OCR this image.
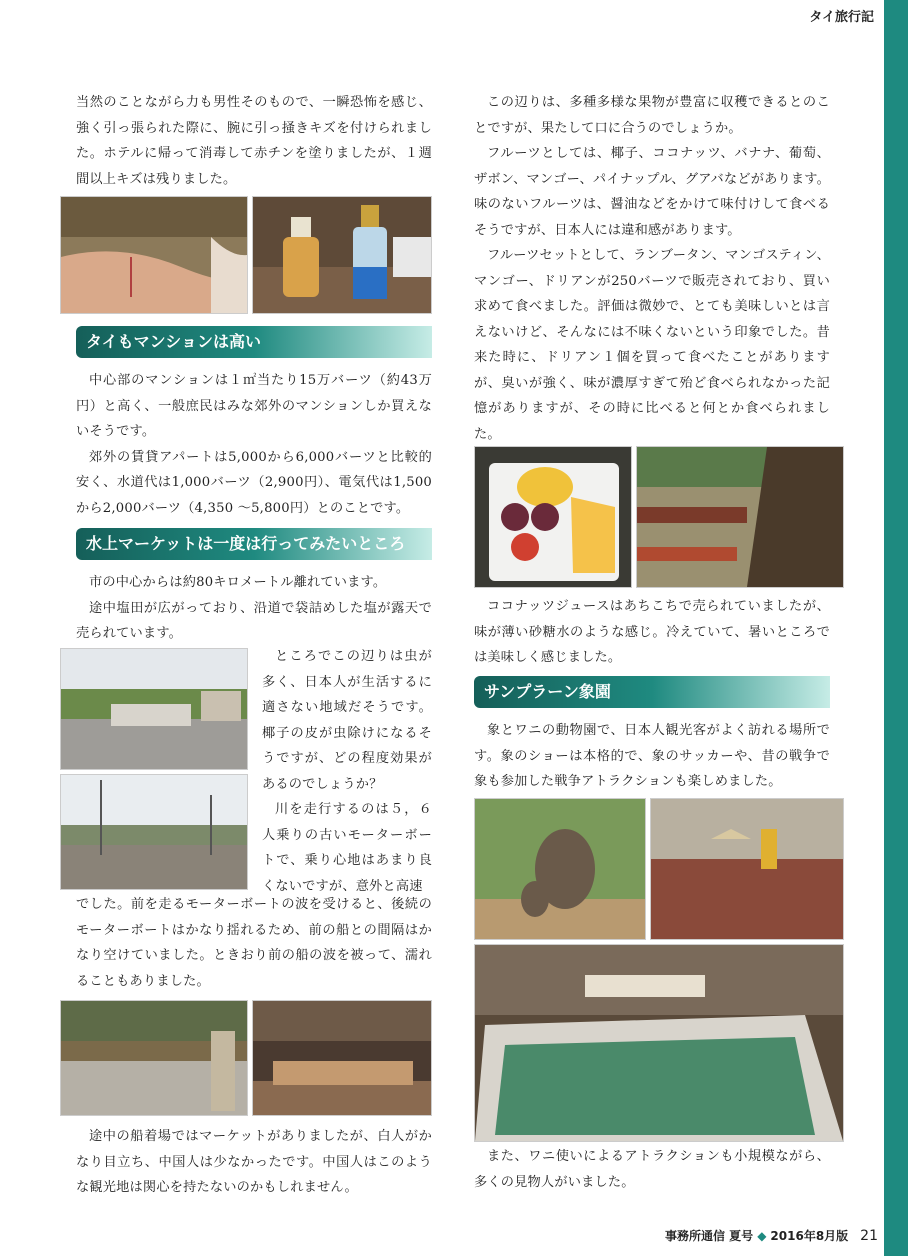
タイ旅行記

当然のことながら力も男性そのもので、一瞬恐怖を感じ、強く引っ張られた際に、腕に引っ掻きキズを付けられました。ホテルに帰って消毒して赤チンを塗りましたが、１週間以上キズは残りました。

タイもマンションは高い

中心部のマンションは１㎡当たり15万バーツ（約43万円）と高く、一般庶民はみな郊外のマンションしか買えないそうです。

郊外の賃貸アパートは5,000から6,000バーツと比較的安く、水道代は1,000バーツ（2,900円）、電気代は1,500から2,000バーツ（4,350 〜5,800円）とのことです。

水上マーケットは一度は行ってみたいところ

市の中心からは約80キロメートル離れています。

途中塩田が広がっており、沿道で袋詰めした塩が露天で売られています。

ところでこの辺りは虫が多く、日本人が生活するに適さない地域だそうです。椰子の皮が虫除けになるそうですが、どの程度効果があるのでしょうか？

川を走行するのは５，６人乗りの古いモーターボートで、乗り心地はあまり良くないですが、意外と高速

でした。前を走るモーターボートの波を受けると、後続のモーターボートはかなり揺れるため、前の船との間隔はかなり空けていました。ときおり前の船の波を被って、濡れることもありました。

途中の船着場ではマーケットがありましたが、白人がかなり目立ち、中国人は少なかったです。中国人はこのような観光地は関心を持たないのかもしれません。

この辺りは、多種多様な果物が豊富に収穫できるとのことですが、果たして口に合うのでしょうか。

フルーツとしては、椰子、ココナッツ、バナナ、葡萄、ザボン、マンゴー、パイナップル、グアバなどがあります。味のないフルーツは、醤油などをかけて味付けして食べるそうですが、日本人には違和感があります。

フルーツセットとして、ランブータン、マンゴスティン、マンゴー、ドリアンが250バーツで販売されており、買い求めて食べました。評価は微妙で、とても美味しいとは言えないけど、そんなには不味くないという印象でした。昔来た時に、ドリアン１個を買って食べたことがありますが、臭いが強く、味が濃厚すぎて殆ど食べられなかった記憶がありますが、その時に比べると何とか食べられました。

ココナッツジュースはあちこちで売られていましたが、味が薄い砂糖水のような感じ。冷えていて、暑いところでは美味しく感じました。

サンプラーン象園

象とワニの動物園で、日本人観光客がよく訪れる場所です。象のショーは本格的で、象のサッカーや、昔の戦争で象も参加した戦争アトラクションも楽しめました。

また、ワニ使いによるアトラクションも小規模ながら、多くの見物人がいました。

事務所通信 夏号 ◆ 2016年8月版 21
